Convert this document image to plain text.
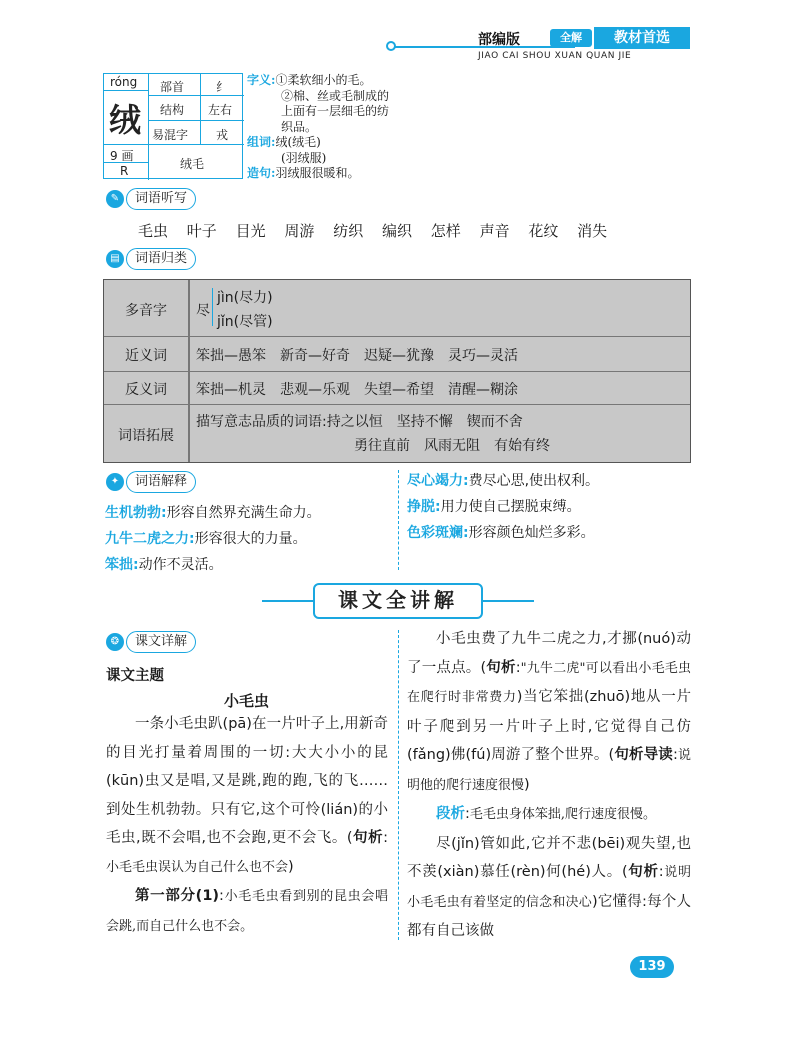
部编版	全解	教材首选
JIAO CAI SHOU XUAN QUAN JIE
róng
绒
部首	纟
结构 左右
易混字 戎
9 画
R	绒毛
字义:①柔软细小的毛。
②棉、丝或毛制成的上面有一层细毛的纺织品。
组词:绒(绒毛)
(羽绒服)
造句:羽绒服很暖和。
✎	词语听写
毛虫 叶子 目光 周游 纺织 编织 怎样 声音 花纹 消失
▤	词语归类
多音字	尽
jìn(尽力)
jǐn(尽管)
近义词	笨拙—愚笨　新奇—好奇　迟疑—犹豫　灵巧—灵活
反义词	笨拙—机灵　悲观—乐观　失望—希望　清醒—糊涂
词语拓展
描写意志品质的词语:持之以恒　坚持不懈　锲而不舍
勇往直前　风雨无阻　有始有终
✦	词语解释
生机勃勃:形容自然界充满生命力。
九牛二虎之力:形容很大的力量。
笨拙:动作不灵活。
尽心竭力:费尽心思,使出权利。
挣脱:用力使自己摆脱束缚。
色彩斑斓:形容颜色灿烂多彩。
课文全讲解
❂	课文详解
课文主题
小毛虫
一条小毛虫趴(pā)在一片叶子上,用新奇的目光打量着周围的一切:大大小小的昆(kūn)虫又是唱,又是跳,跑的跑,飞的飞……到处生机勃勃。只有它,这个可怜(lián)的小毛虫,既不会唱,也不会跑,更不会飞。(句析:小毛毛虫误认为自己什么也不会)
第一部分(1):小毛毛虫看到别的昆虫会唱会跳,而自己什么也不会。
小毛虫费了九牛二虎之力,才挪(nuó)动了一点点。(句析:"九牛二虎"可以看出小毛毛虫在爬行时非常费力)当它笨拙(zhuō)地从一片叶子爬到另一片叶子上时,它觉得自己仿(fǎng)佛(fú)周游了整个世界。(句析导读:说明他的爬行速度很慢)
段析:毛毛虫身体笨拙,爬行速度很慢。
尽(jǐn)管如此,它并不悲(bēi)观失望,也不羡(xiàn)慕任(rèn)何(hé)人。(句析:说明小毛毛虫有着坚定的信念和决心)它懂得:每个人都有自己该做
139
